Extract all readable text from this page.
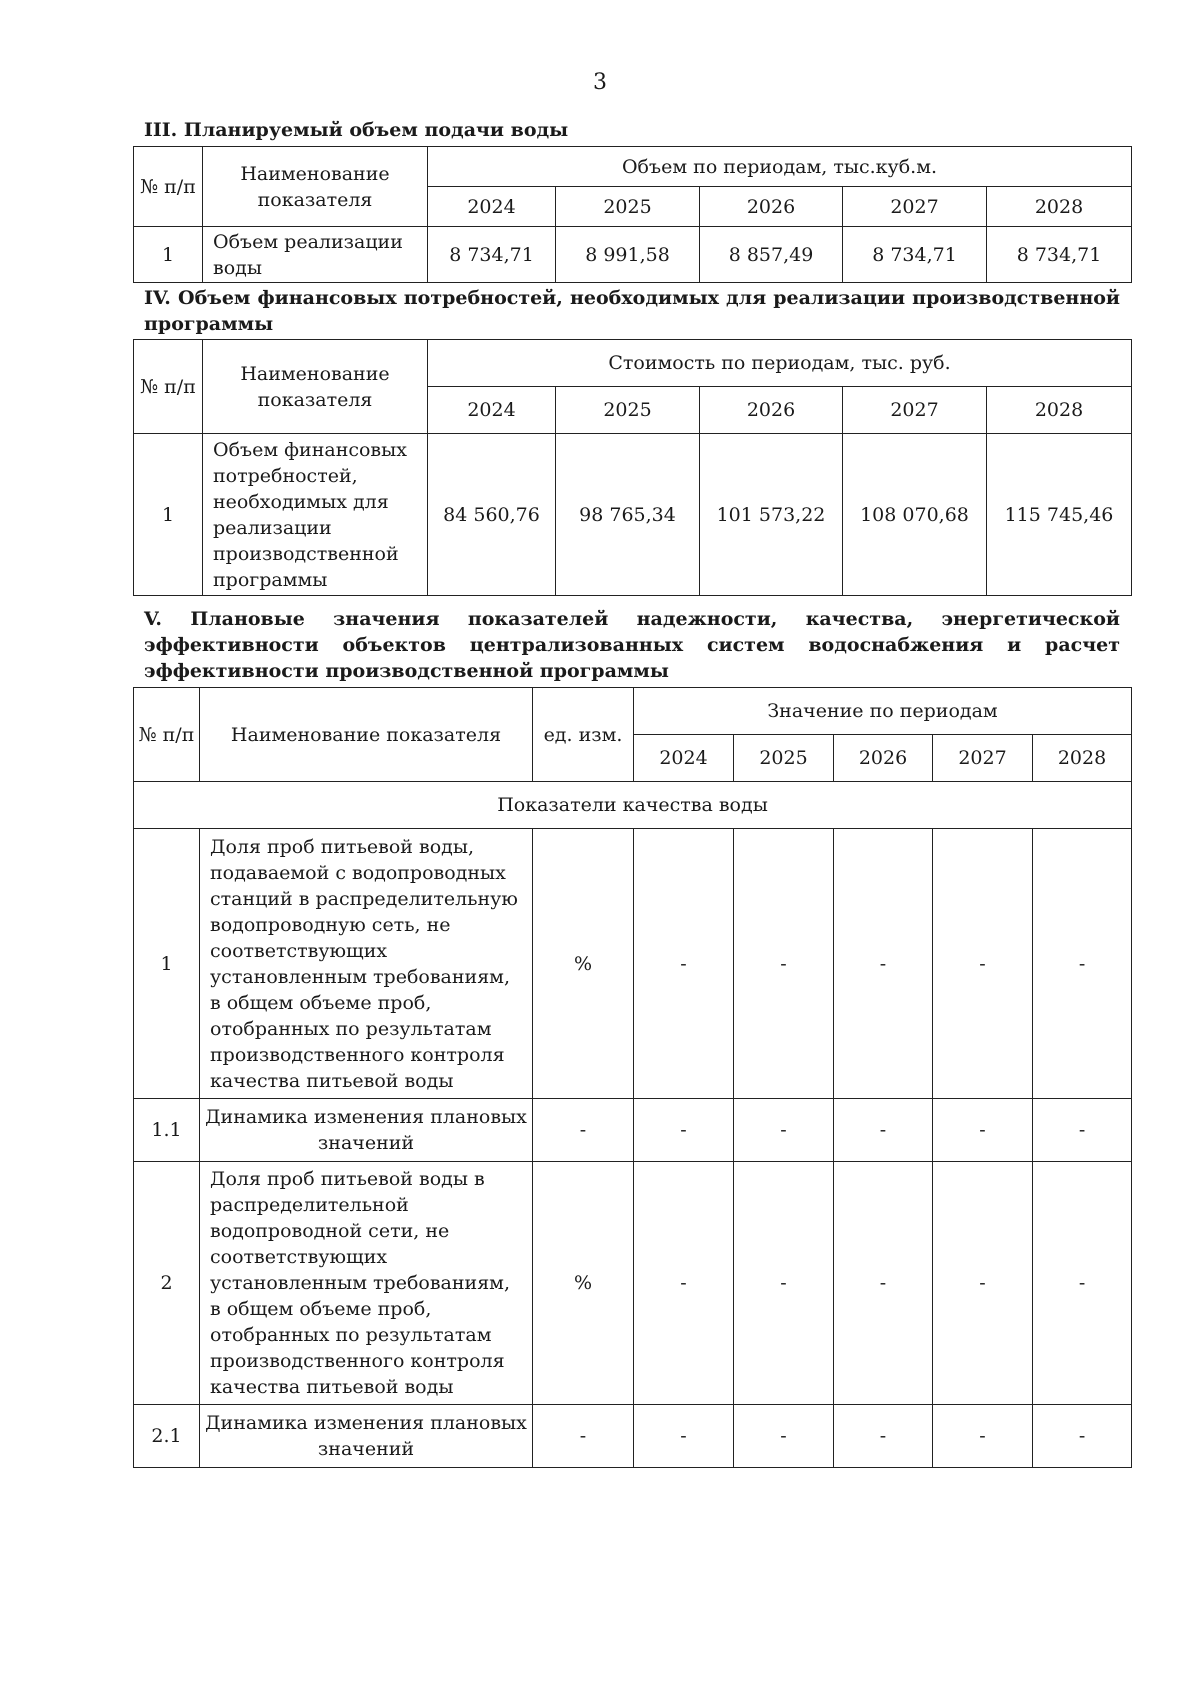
3
III. Планируемый объем подачи воды
№ п/п	Наименование показателя	Объем по периодам, тыс.куб.м.				
		2024	2025	2026	2027	2028
1	Объем реализации воды	8 734,71	8 991,58	8 857,49	8 734,71	8 734,71
IV. Объем финансовых потребностей, необходимых для реализации производственной программы
№ п/п	Наименование показателя	Стоимость по периодам, тыс. руб.				
		2024	2025	2026	2027	2028
1	Объем финансовых потребностей, необходимых для реализации производственной программы	84 560,76	98 765,34	101 573,22	108 070,68	115 745,46
V. Плановые значения показателей надежности, качества, энергетической эффективности объектов централизованных систем водоснабжения и расчет эффективности производственной программы
№ п/п	Наименование показателя	ед. изм.	Значение по периодам				
			2024	2025	2026	2027	2028
Показатели качества воды							
1	Доля проб питьевой воды, подаваемой с водопроводных станций в распределительную водопроводную сеть, не соответствующих установленным требованиям, в общем объеме проб, отобранных по результатам производственного контроля качества питьевой воды	%	-	-	-	-	-
1.1	Динамика изменения плановых значений	-	-	-	-	-	-
2	Доля проб питьевой воды в распределительной водопроводной сети, не соответствующих установленным требованиям, в общем объеме проб, отобранных по результатам производственного контроля качества питьевой воды	%	-	-	-	-	-
2.1	Динамика изменения плановых значений	-	-	-	-	-	-
